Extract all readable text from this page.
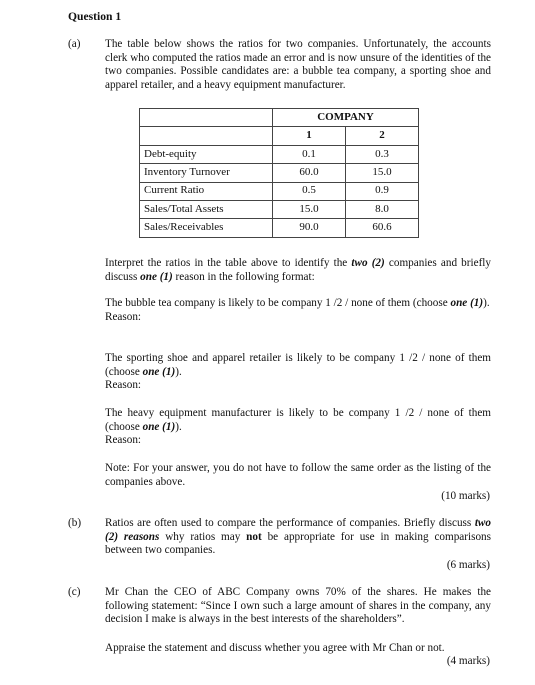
Question 1
(a) The table below shows the ratios for two companies. Unfortunately, the accounts clerk who computed the ratios made an error and is now unsure of the identities of the two companies. Possible candidates are: a bubble tea company, a sporting shoe and apparel retailer, and a heavy equipment manufacturer.
	COMPANY	
	1	2
Debt-equity	0.1	0.3
Inventory Turnover	60.0	15.0
Current Ratio	0.5	0.9
Sales/Total Assets	15.0	8.0
Sales/Receivables	90.0	60.6
Interpret the ratios in the table above to identify the two (2) companies and briefly discuss one (1) reason in the following format:
The bubble tea company is likely to be company 1 /2 / none of them (choose one (1)).
Reason:
The sporting shoe and apparel retailer is likely to be company 1 /2 / none of them (choose one (1)).
Reason:
The heavy equipment manufacturer is likely to be company 1 /2 / none of them (choose one (1)).
Reason:
Note: For your answer, you do not have to follow the same order as the listing of the companies above.
(10 marks)
(b) Ratios are often used to compare the performance of companies. Briefly discuss two (2) reasons why ratios may not be appropriate for use in making comparisons between two companies.
(6 marks)
(c) Mr Chan the CEO of ABC Company owns 70% of the shares. He makes the following statement: “Since I own such a large amount of shares in the company, any decision I make is always in the best interests of the shareholders”.
Appraise the statement and discuss whether you agree with Mr Chan or not.
(4 marks)
